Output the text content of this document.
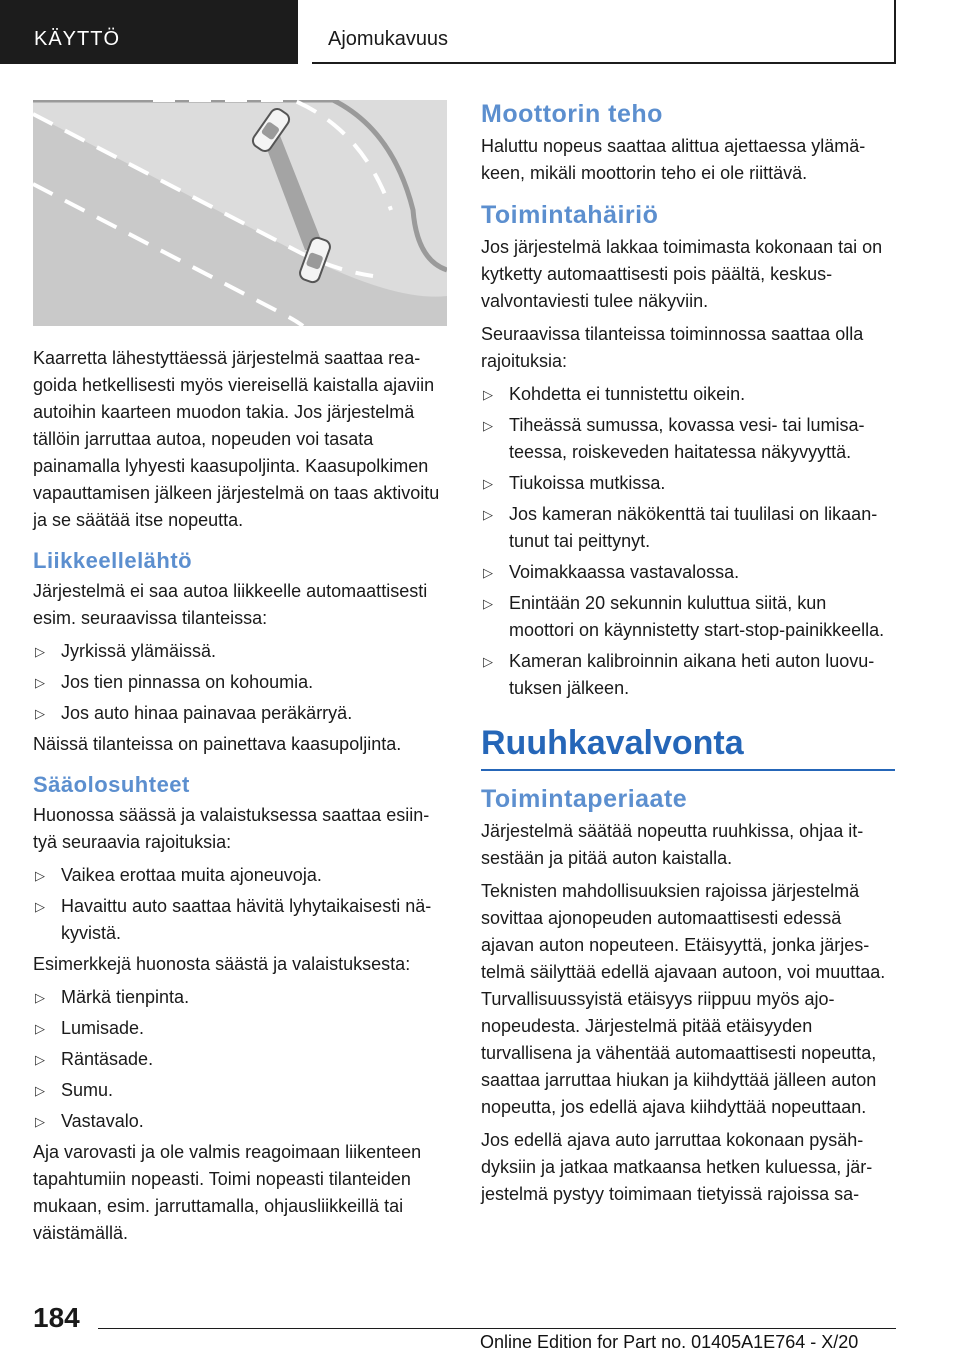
KÄYTTÖ	Ajomukavuus

Kaarretta lähestyttäessä järjestelmä saattaa reagoida hetkellisesti myös viereisellä kaistalla ajaviin autoihin kaarteen muodon takia. Jos järjestelmä tällöin jarruttaa autoa, nopeuden voi tasata painamalla lyhyesti kaasupoljinta. Kaasupolkimen vapauttamisen jälkeen järjestelmä on taas aktivoitu ja se säätää itse nopeutta.

Liikkeellelähtö

Järjestelmä ei saa autoa liikkeelle automaattisesti esim. seuraavissa tilanteissa:

▷ Jyrkissä ylämäissä.
▷ Jos tien pinnassa on kohoumia.
▷ Jos auto hinaa painavaa peräkärryä.

Näissä tilanteissa on painettava kaasupoljinta.

Sääolosuhteet

Huonossa säässä ja valaistuksessa saattaa esiintyä seuraavia rajoituksia:

▷ Vaikea erottaa muita ajoneuvoja.
▷ Havaittu auto saattaa hävitä lyhytaikaisesti näkyvistä.

Esimerkkejä huonosta säästä ja valaistuksesta:

▷ Märkä tienpinta.
▷ Lumisade.
▷ Räntäsade.
▷ Sumu.
▷ Vastavalo.

Aja varovasti ja ole valmis reagoimaan liikenteen tapahtumiin nopeasti. Toimi nopeasti tilanteiden mukaan, esim. jarruttamalla, ohjausliikkeillä tai väistämällä.

Moottorin teho

Haluttu nopeus saattaa alittua ajettaessa ylämäkeen, mikäli moottorin teho ei ole riittävä.

Toimintahäiriö

Jos järjestelmä lakkaa toimimasta kokonaan tai on kytketty automaattisesti pois päältä, keskusvalvontaviesti tulee näkyviin.

Seuraavissa tilanteissa toiminnossa saattaa olla rajoituksia:

▷ Kohdetta ei tunnistettu oikein.
▷ Tiheässä sumussa, kovassa vesi- tai lumisateessa, roiskeveden haitatessa näkyvyyttä.
▷ Tiukoissa mutkissa.
▷ Jos kameran näkökenttä tai tuulilasi on likaantunut tai peittynyt.
▷ Voimakkaassa vastavalossa.
▷ Enintään 20 sekunnin kuluttua siitä, kun moottori on käynnistetty start-stop-painikkeella.
▷ Kameran kalibroinnin aikana heti auton luovutuksen jälkeen.
Ruuhkavalvonta
Toimintaperiaate

Järjestelmä säätää nopeutta ruuhkissa, ohjaa itsestään ja pitää auton kaistalla.

Teknisten mahdollisuuksien rajoissa järjestelmä sovittaa ajonopeuden automaattisesti edessä ajavan auton nopeuteen. Etäisyyttä, jonka järjestelmä säilyttää edellä ajavaan autoon, voi muuttaa. Turvallisuussyistä etäisyys riippuu myös ajonopeudesta. Järjestelmä pitää etäisyyden turvallisena ja vähentää automaattisesti nopeutta, saattaa jarruttaa hiukan ja kiihdyttää jälleen auton nopeutta, jos edellä ajava kiihdyttää nopeuttaan.

Jos edellä ajava auto jarruttaa kokonaan pysähdyksiin ja jatkaa matkaansa hetken kuluessa, järjestelmä pystyy toimimaan tietyissä rajoissa sa-

184
Online Edition for Part no. 01405A1E764 - X/20
